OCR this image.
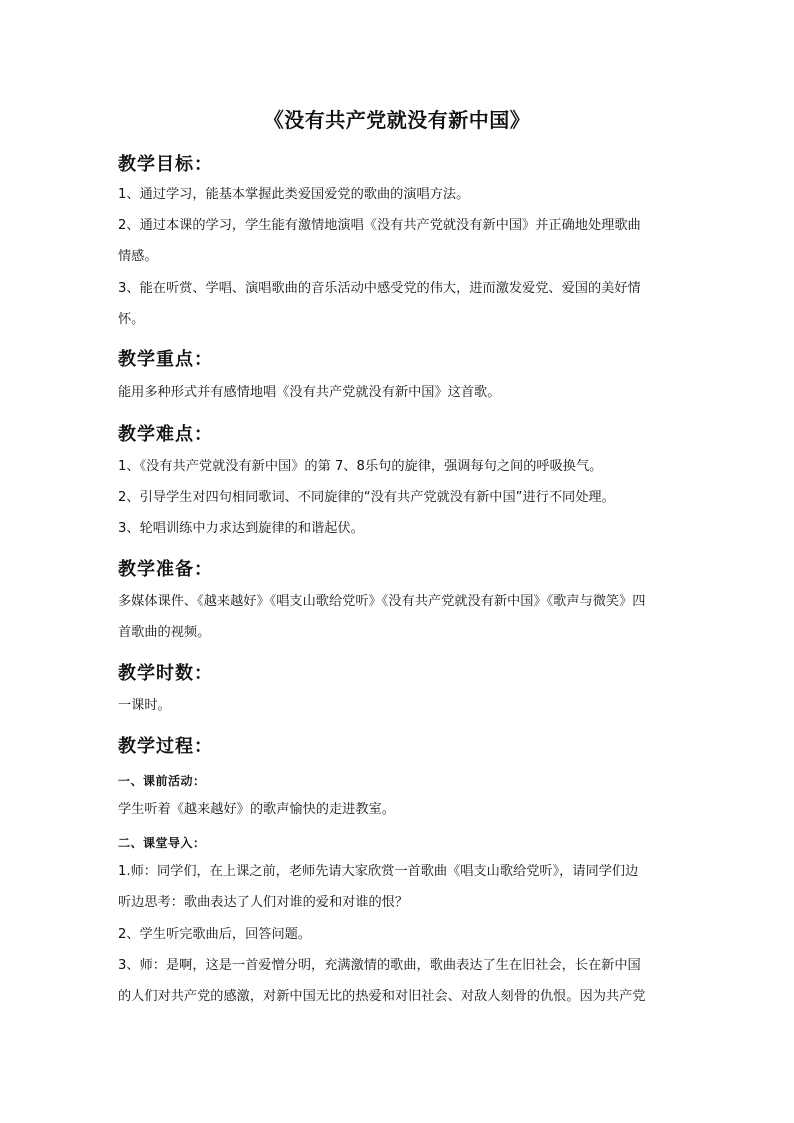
《没有共产党就没有新中国》
教学目标：
1、通过学习，能基本掌握此类爱国爱党的歌曲的演唱方法。
2、通过本课的学习，学生能有激情地演唱《没有共产党就没有新中国》并正确地处理歌曲
情感。
3、能在听赏、学唱、演唱歌曲的音乐活动中感受党的伟大，进而激发爱党、爱国的美好情
怀。
教学重点：
能用多种形式并有感情地唱《没有共产党就没有新中国》这首歌。
教学难点：
1、《没有共产党就没有新中国》的第 7、8乐句的旋律，强调每句之间的呼吸换气。
2、引导学生对四句相同歌词、不同旋律的“没有共产党就没有新中国”进行不同处理。
3、轮唱训练中力求达到旋律的和谐起伏。
教学准备：
多媒体课件、《越来越好》《唱支山歌给党听》《没有共产党就没有新中国》《歌声与微笑》四
首歌曲的视频。
教学时数：
一课时。
教学过程：
一、课前活动：
学生听着《越来越好》的歌声愉快的走进教室。
二、课堂导入：
1.师：同学们，在上课之前，老师先请大家欣赏一首歌曲《唱支山歌给党听》，请同学们边
听边思考：歌曲表达了人们对谁的爱和对谁的恨？
2、学生听完歌曲后，回答问题。
3、师：是啊，这是一首爱憎分明，充满激情的歌曲，歌曲表达了生在旧社会，长在新中国
的人们对共产党的感激，对新中国无比的热爱和对旧社会、对敌人刻骨的仇恨。因为共产党
